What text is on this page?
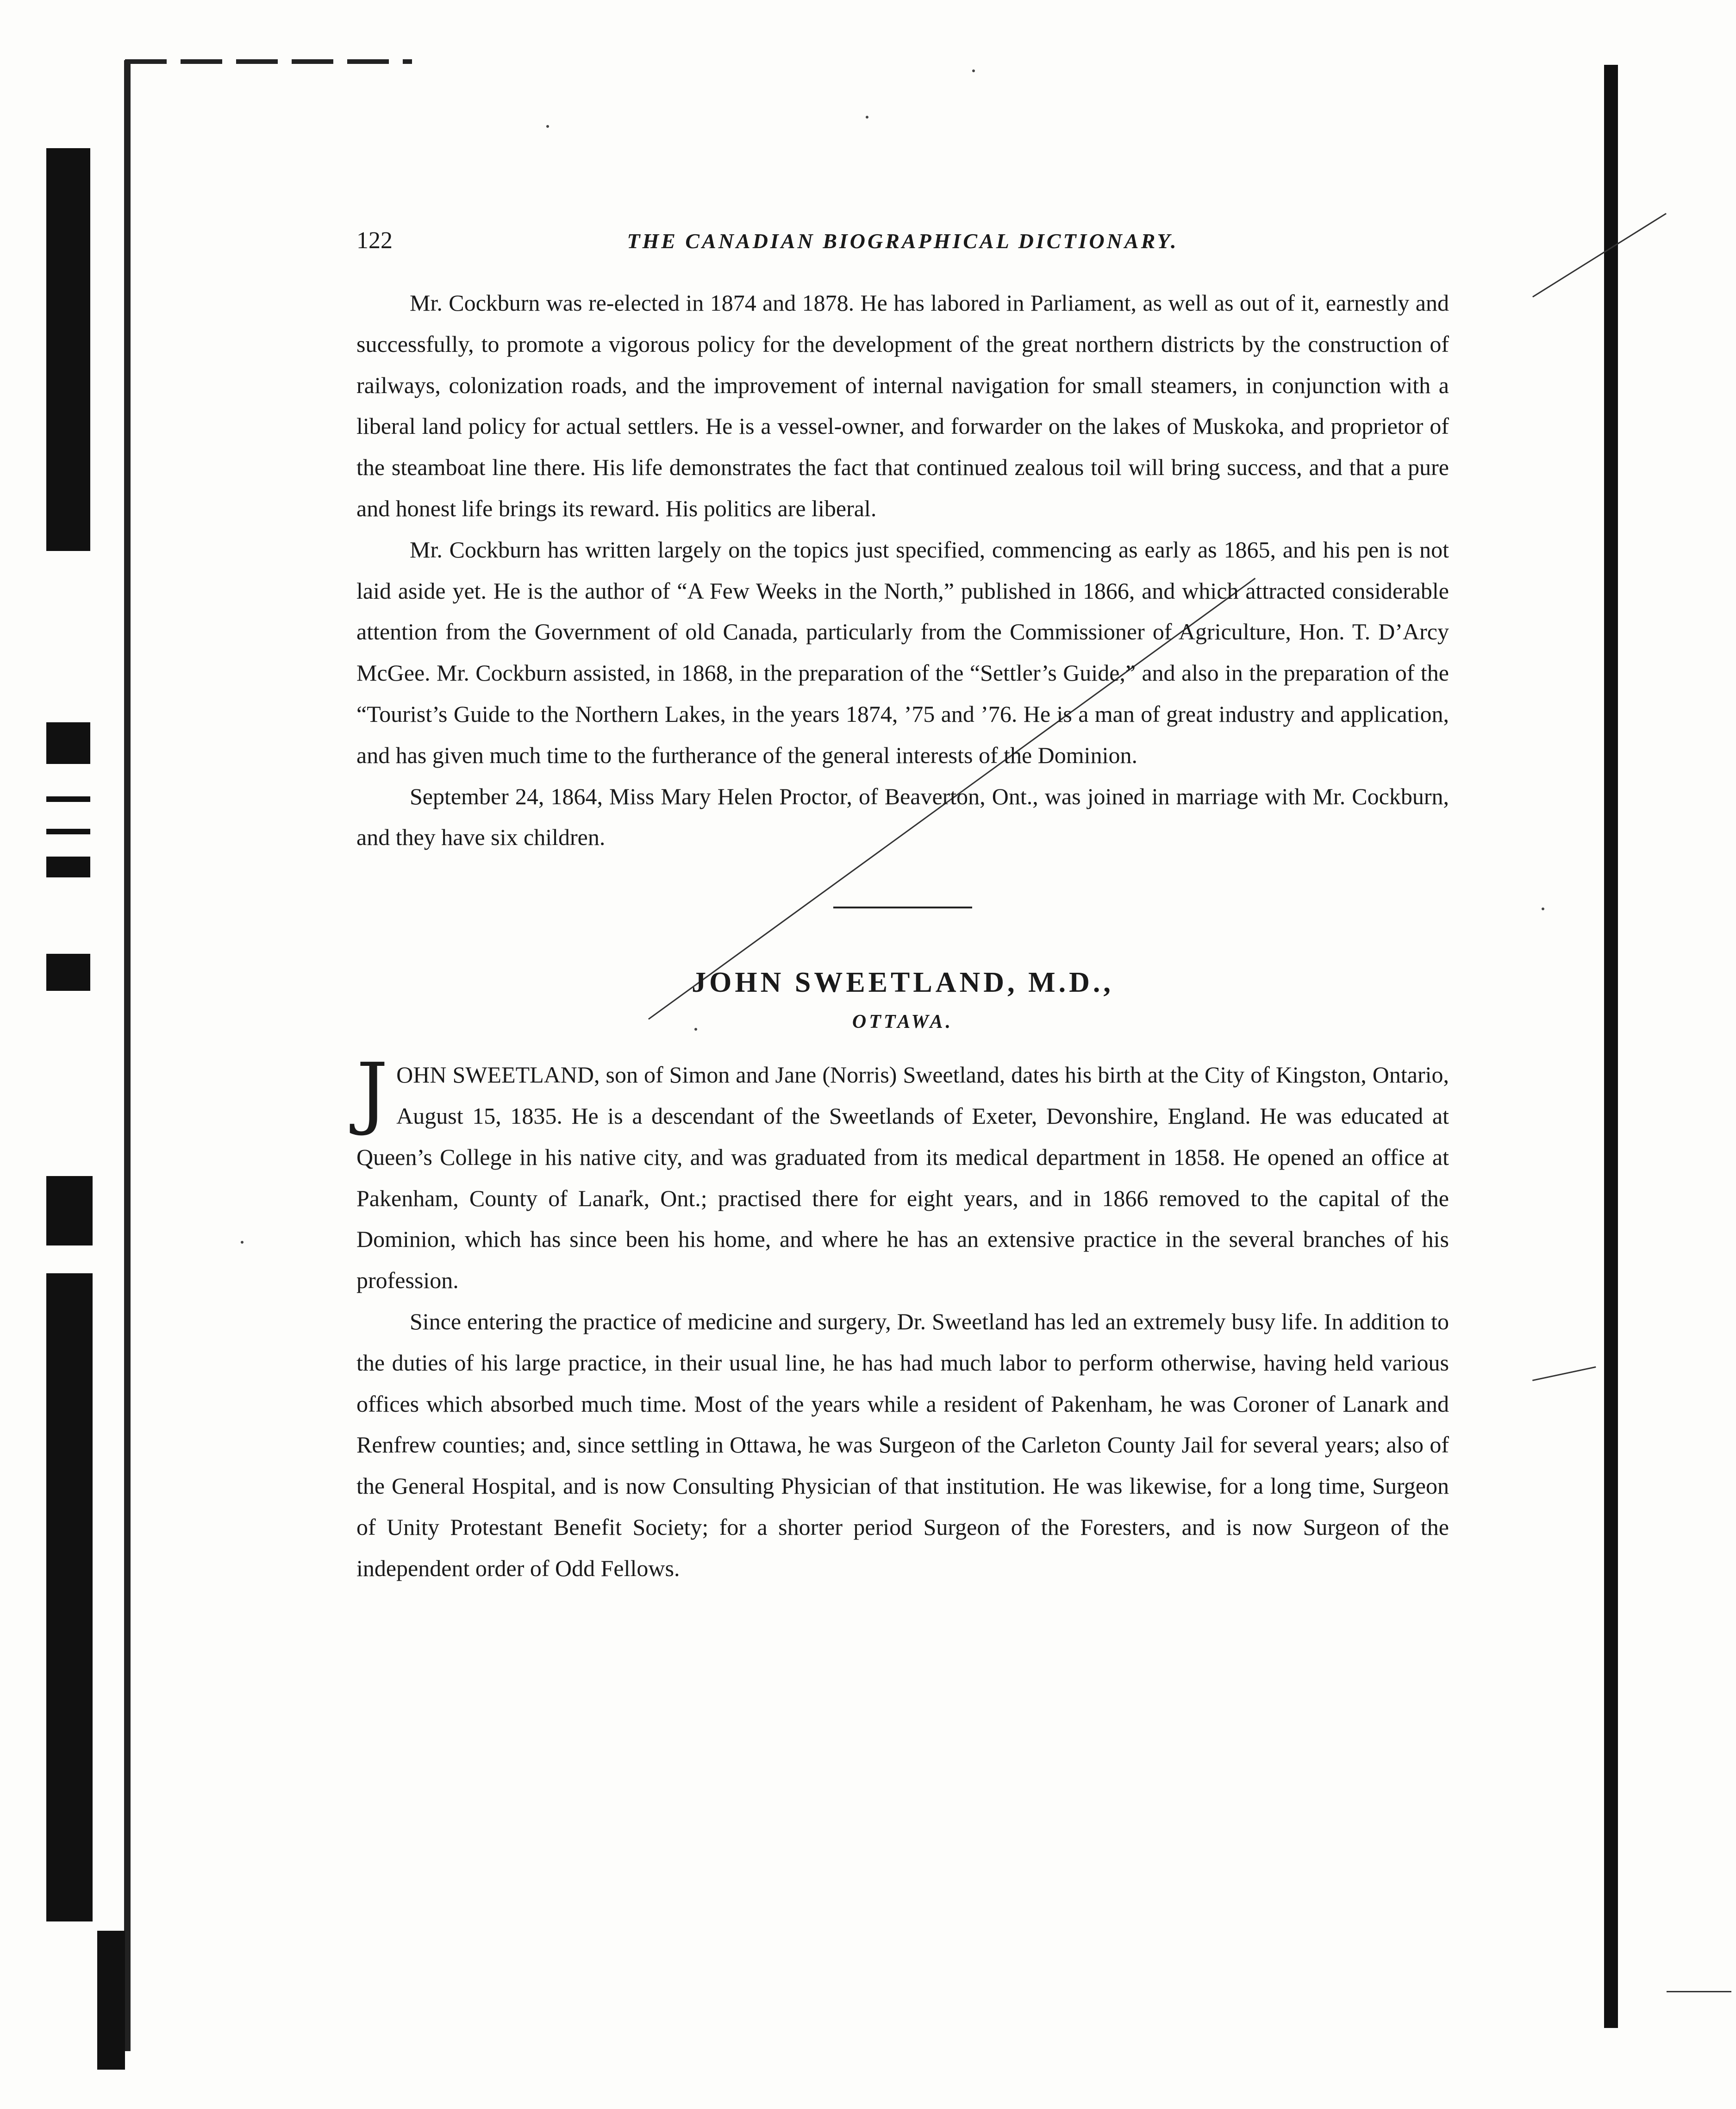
122	THE CANADIAN BIOGRAPHICAL DICTIONARY.

Mr. Cockburn was re-elected in 1874 and 1878. He has labored in Parliament, as well as out of it, earnestly and successfully, to promote a vigorous policy for the development of the great northern districts by the construction of railways, colonization roads, and the improvement of internal navigation for small steamers, in conjunction with a liberal land policy for actual settlers. He is a vessel-owner, and forwarder on the lakes of Muskoka, and proprietor of the steamboat line there. His life demonstrates the fact that continued zealous toil will bring success, and that a pure and honest life brings its reward. His politics are liberal.

Mr. Cockburn has written largely on the topics just specified, commencing as early as 1865, and his pen is not laid aside yet. He is the author of “A Few Weeks in the North,” published in 1866, and which attracted considerable attention from the Government of old Canada, particularly from the Commissioner of Agriculture, Hon. T. D’Arcy McGee. Mr. Cockburn assisted, in 1868, in the preparation of the “Settler’s Guide,” and also in the preparation of the “Tourist’s Guide to the Northern Lakes, in the years 1874, ’75 and ’76. He is a man of great industry and application, and has given much time to the furtherance of the general interests of the Dominion.

September 24, 1864, Miss Mary Helen Proctor, of Beaverton, Ont., was joined in marriage with Mr. Cockburn, and they have six children.

JOHN SWEETLAND, M.D.,
OTTAWA.

JOHN SWEETLAND, son of Simon and Jane (Norris) Sweetland, dates his birth at the City of Kingston, Ontario, August 15, 1835. He is a descendant of the Sweetlands of Exeter, Devonshire, England. He was educated at Queen’s College in his native city, and was graduated from its medical department in 1858. He opened an office at Pakenham, County of Lanark, Ont.; practised there for eight years, and in 1866 removed to the capital of the Dominion, which has since been his home, and where he has an extensive practice in the several branches of his profession.

Since entering the practice of medicine and surgery, Dr. Sweetland has led an extremely busy life. In addition to the duties of his large practice, in their usual line, he has had much labor to perform otherwise, having held various offices which absorbed much time. Most of the years while a resident of Pakenham, he was Coroner of Lanark and Renfrew counties; and, since settling in Ottawa, he was Surgeon of the Carleton County Jail for several years; also of the General Hospital, and is now Consulting Physician of that institution. He was likewise, for a long time, Surgeon of Unity Protestant Benefit Society; for a shorter period Surgeon of the Foresters, and is now Surgeon of the independent order of Odd Fellows.
